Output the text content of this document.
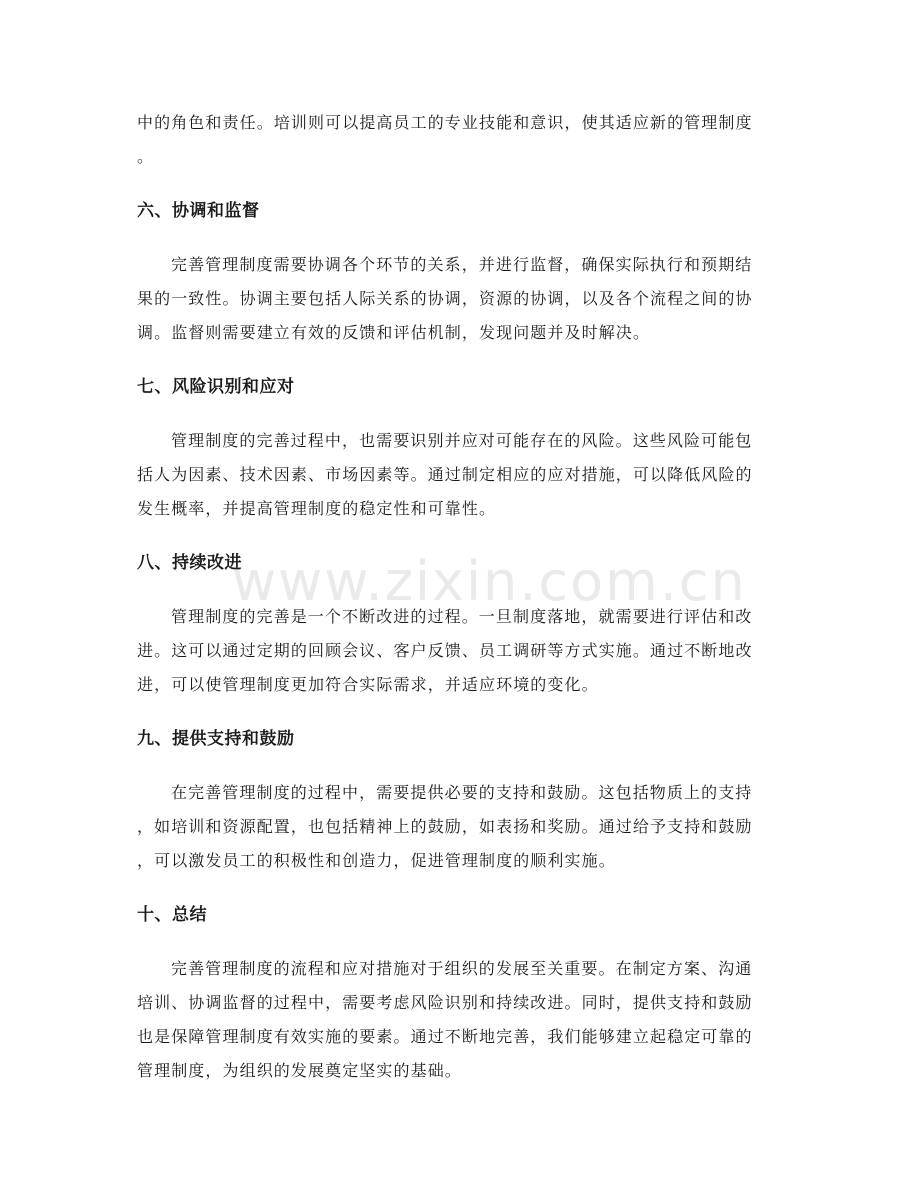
www.zixin.com.cn
中的角色和责任。培训则可以提高员工的专业技能和意识，使其适应新的管理制度
。
六、协调和监督
完善管理制度需要协调各个环节的关系，并进行监督，确保实际执行和预期结
果的一致性。协调主要包括人际关系的协调，资源的协调，以及各个流程之间的协
调。监督则需要建立有效的反馈和评估机制，发现问题并及时解决。
七、风险识别和应对
管理制度的完善过程中，也需要识别并应对可能存在的风险。这些风险可能包
括人为因素、技术因素、市场因素等。通过制定相应的应对措施，可以降低风险的
发生概率，并提高管理制度的稳定性和可靠性。
八、持续改进
管理制度的完善是一个不断改进的过程。一旦制度落地，就需要进行评估和改
进。这可以通过定期的回顾会议、客户反馈、员工调研等方式实施。通过不断地改
进，可以使管理制度更加符合实际需求，并适应环境的变化。
九、提供支持和鼓励
在完善管理制度的过程中，需要提供必要的支持和鼓励。这包括物质上的支持
，如培训和资源配置，也包括精神上的鼓励，如表扬和奖励。通过给予支持和鼓励
，可以激发员工的积极性和创造力，促进管理制度的顺利实施。
十、总结
完善管理制度的流程和应对措施对于组织的发展至关重要。在制定方案、沟通
培训、协调监督的过程中，需要考虑风险识别和持续改进。同时，提供支持和鼓励
也是保障管理制度有效实施的要素。通过不断地完善，我们能够建立起稳定可靠的
管理制度，为组织的发展奠定坚实的基础。
